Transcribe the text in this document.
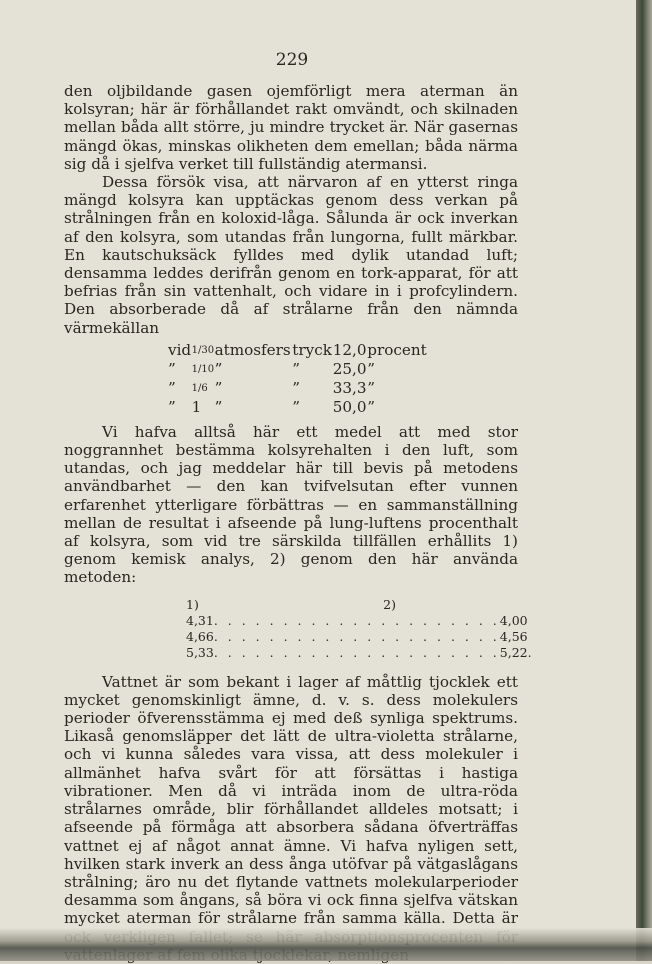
229

den oljbildande gasen ojemförligt mera aterman än kolsyran; här är förhållandet rakt omvändt, och skilnaden mellan båda allt större, ju mindre trycket är. När gasernas mängd ökas, minskas olikheten dem emellan; båda närma sig då i sjelfva verket till fullständig atermansi.

Dessa försök visa, att närvaron af en ytterst ringa mängd kolsyra kan upptäckas genom dess verkan på strålningen från en koloxid-låga. Sålunda är ock inverkan af den kolsyra, som utandas från lungorna, fullt märkbar. En kautschuksäck fylldes med dylik utandad luft; densamma leddes derifrån genom en tork-apparat, för att befrias från sin vattenhalt, och vidare in i profcylindern. Den absorberade då af strålarne från den nämnda värmekällan

vid	1/30	atmosfers	tryck	12,0	procent
”	1/10	”	”	25,0	”
”	1/6	”	”	33,3	”
”	1	”	”	50,0	”

Vi hafva alltså här ett medel att med stor noggrannhet bestämma kolsyrehalten i den luft, som utandas, och jag meddelar här till bevis på metodens användbarhet — den kan tvifvelsutan efter vunnen erfarenhet ytterligare förbättras — en sammanställning mellan de resultat i afseende på lung-luftens procenthalt af kolsyra, som vid tre särskilda tillfällen erhållits 1) genom kemisk analys, 2) genom den här använda metoden:

1)	2)
4,31 . . . . . . . . . . . . . . . . . . . . . 4,00
4,66 . . . . . . . . . . . . . . . . . . . . . 4,56
5,33 . . . . . . . . . . . . . . . . . . . . . 5,22.

Vattnet är som bekant i lager af måttlig tjocklek ett mycket genomskinligt ämne, d. v. s. dess molekulers perioder öfverensstämma ej med deß synliga spektrums. Likaså genomsläpper det lätt de ultra-violetta strålarne, och vi kunna således vara vissa, att dess molekuler i allmänhet hafva svårt för att försättas i hastiga vibrationer. Men då vi inträda inom de ultra-röda strålarnes område, blir förhållandet alldeles motsatt; i afseende på förmåga att absorbera sådana öfverträffas vattnet ej af något annat ämne. Vi hafva nyligen sett, hvilken stark inverk an dess ånga utöfvar på vätgaslågans strålning; äro nu det flytande vattnets molekularperioder desamma som ångans, så böra vi ock finna sjelfva vätskan mycket aterman för strålarne från samma källa. Detta är
